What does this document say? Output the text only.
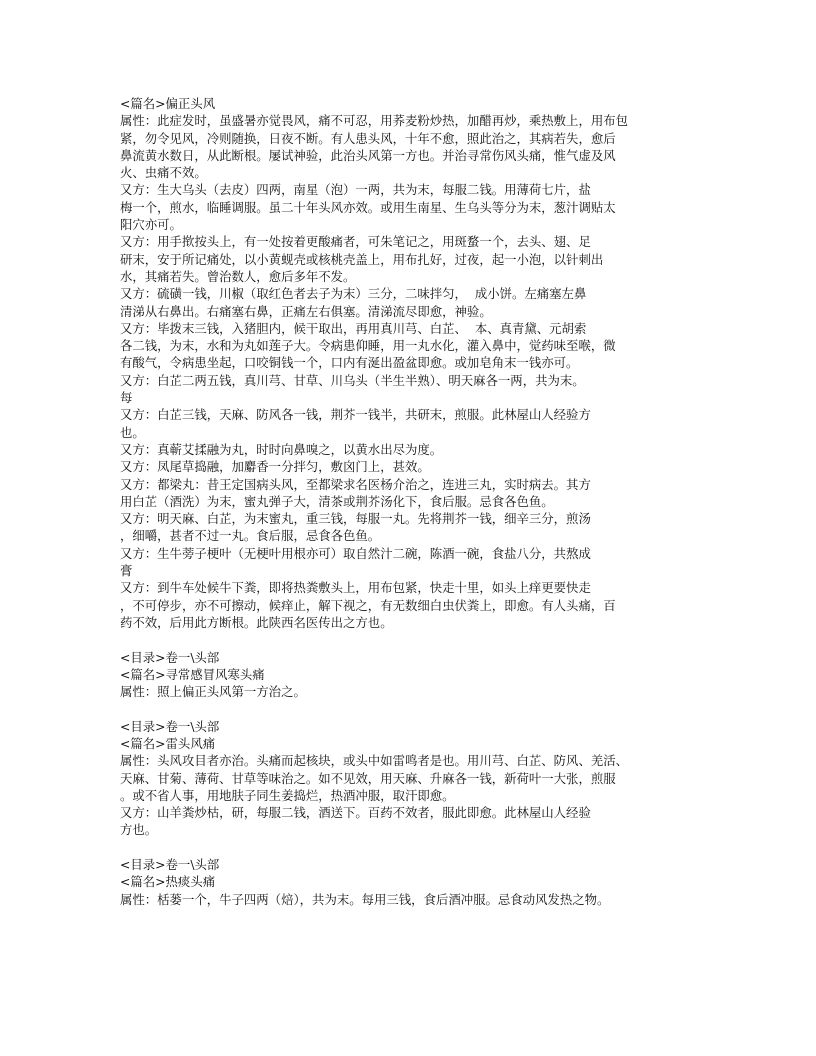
<篇名>偏正头风
属性：此症发时，虽盛暑亦觉畏风，痛不可忍，用荞麦粉炒热，加醋再炒，乘热敷上，用布包
紧，勿令见风，冷则随换，日夜不断。有人患头风，十年不愈，照此治之，其病若失，愈后
鼻流黄水数日，从此断根。屡试神验，此治头风第一方也。并治寻常伤风头痛，惟气虚及风
火、虫痛不效。
又方：生大乌头（去皮）四两，南星（泡）一两，共为末，每服二钱。用薄荷七片，盐
梅一个，煎水，临睡调服。虽二十年头风亦效。或用生南星、生乌头等分为末，葱汁调贴太
阳穴亦可。
又方：用手揿按头上，有一处按着更酸痛者，可朱笔记之，用斑蝥一个，去头、翅、足
研末，安于所记痛处，以小黄蚬壳或核桃壳盖上，用布扎好，过夜，起一小泡，以针刺出
水，其痛若失。曾治数人，愈后多年不发。
又方：硫磺一钱，川椒（取红色者去子为末）三分，二味拌匀，  成小饼。左痛塞左鼻
清涕从右鼻出。右痛塞右鼻，正痛左右俱塞。清涕流尽即愈，神验。
又方：毕拨末三钱，入猪胆内，候干取出，再用真川芎、白芷、  本、真青黛、元胡索
各二钱，为末，水和为丸如莲子大。令病患仰睡，用一丸水化，灌入鼻中，觉药味至喉，微
有酸气，令病患坐起，口咬铜钱一个，口内有涎出盈盆即愈。或加皂角末一钱亦可。
又方：白芷二两五钱，真川芎、甘草、川乌头（半生半熟）、明天麻各一两，共为末。
每
又方：白芷三钱，天麻、防风各一钱，荆芥一钱半，共研末，煎服。此林屋山人经验方
也。
又方：真蕲艾揉融为丸，时时向鼻嗅之，以黄水出尽为度。
又方：凤尾草捣融，加麝香一分拌匀，敷囟门上，甚效。
又方：都梁丸：昔王定国病头风，至都梁求名医杨介治之，连进三丸，实时病去。其方
用白芷（酒洗）为末，蜜丸弹子大，清茶或荆芥汤化下，食后服。忌食各色鱼。
又方：明天麻、白芷，为末蜜丸，重三钱，每服一丸。先将荆芥一钱，细辛三分，煎汤
，细嚼，甚者不过一丸。食后服，忌食各色鱼。
又方：生牛蒡子梗叶（无梗叶用根亦可）取自然汁二碗，陈酒一碗，食盐八分，共熬成
膏
又方：到牛车处候牛下粪，即将热粪敷头上，用布包紧，快走十里，如头上痒更要快走
，不可停步，亦不可擦动，候痒止，解下视之，有无数细白虫伏粪上，即愈。有人头痛，百
药不效，后用此方断根。此陕西名医传出之方也。
<目录>卷一\头部
<篇名>寻常感冒风寒头痛
属性：照上偏正头风第一方治之。
<目录>卷一\头部
<篇名>雷头风痛
属性：头风攻目者亦治。头痛而起核块，或头中如雷鸣者是也。用川芎、白芷、防风、羌活、
天麻、甘菊、薄荷、甘草等味治之。如不见效，用天麻、升麻各一钱，新荷叶一大张，煎服
。或不省人事，用地肤子同生姜捣烂，热酒冲服，取汗即愈。
又方：山羊粪炒枯，研，每服二钱，酒送下。百药不效者，服此即愈。此林屋山人经验
方也。
<目录>卷一\头部
<篇名>热痰头痛
属性：栝蒌一个，牛子四两（焙），共为末。每用三钱，食后酒冲服。忌食动风发热之物。
